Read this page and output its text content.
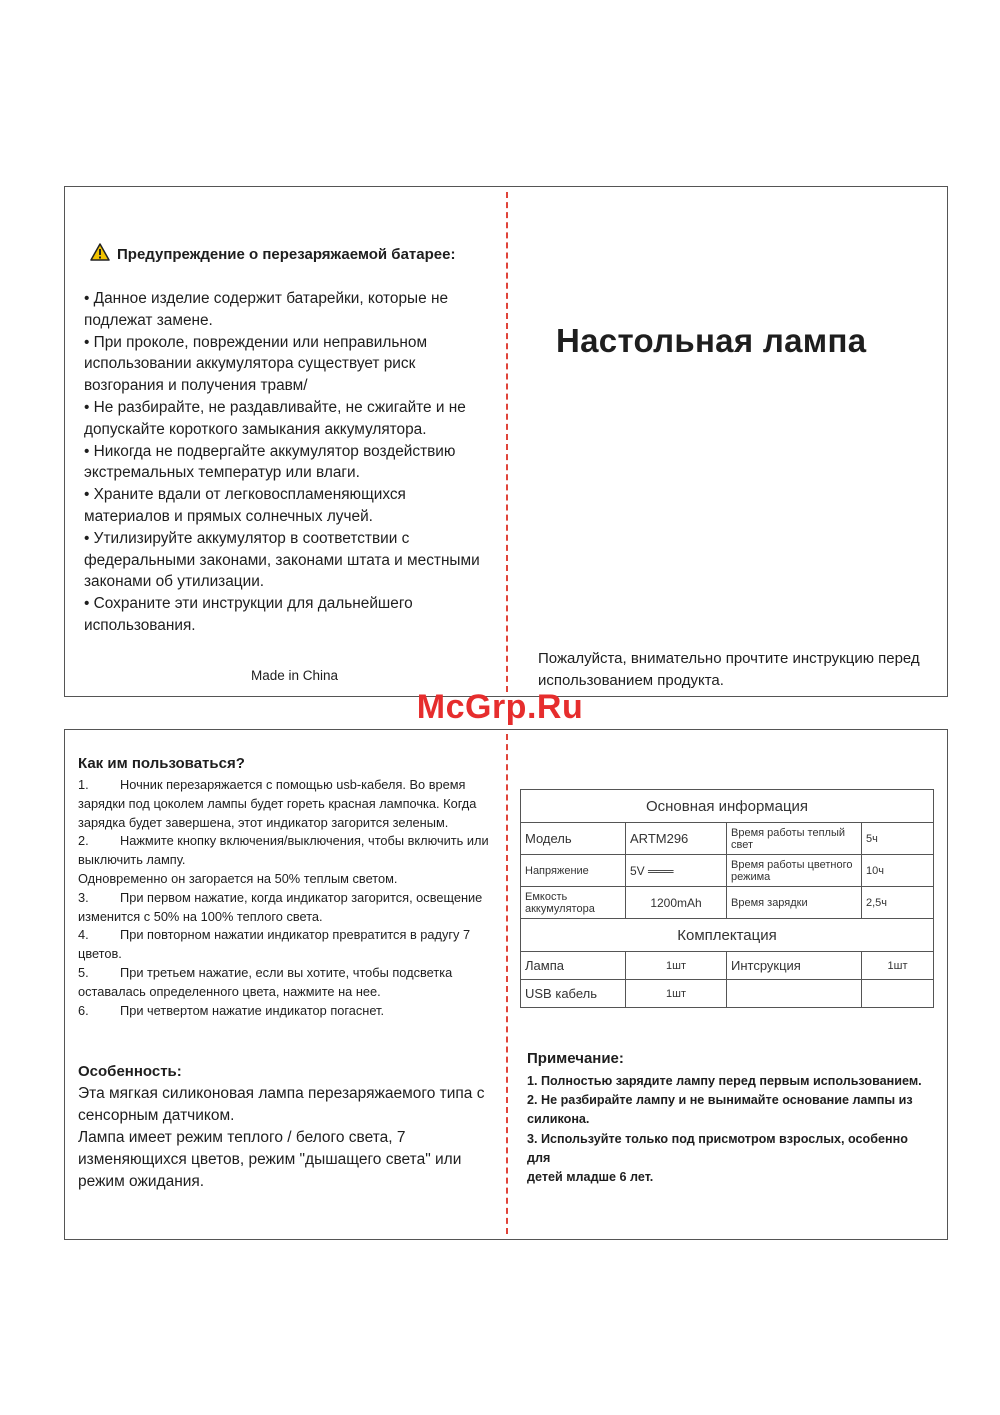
Предупреждение о перезаряжаемой батарее:

• Данное изделие содержит батарейки, которые не подлежат замене.

• При проколе, повреждении или неправильном использовании аккумулятора существует риск возгорания и получения травм/

• Не разбирайте, не раздавливайте, не сжигайте и не допускайте короткого замыкания аккумулятора.

• Никогда не подвергайте аккумулятор воздействию экстремальных температур или влаги.

• Храните вдали от легковоспламеняющихся материалов и прямых солнечных лучей.

• Утилизируйте аккумулятор в соответствии с федеральными законами, законами штата и местными законами об утилизации.

• Сохраните эти инструкции для дальнейшего использования.

Made in China
Настольная лампа
Пожалуйста, внимательно прочтите инструкцию перед использованием продукта.
McGrp.Ru
Как им пользоваться?

1. Ночник перезаряжается с помощью usb-кабеля. Во время зарядки под цоколем лампы будет гореть красная лампочка. Когда

зарядка будет завершена, этот индикатор загорится зеленым.

2. Нажмите кнопку включения/выключения, чтобы включить или выключить лампу.

Одновременно он загорается на 50% теплым светом.

3. При первом нажатие, когда индикатор загорится, освещение изменится с 50% на 100% теплого света.

4. При повторном нажатии индикатор превратится в радугу 7 цветов.

5. При третьем нажатие, если вы хотите, чтобы подсветка оставалась определенного цвета, нажмите на нее.

6. При четвертом нажатие индикатор погаснет.

Особенность:

Эта мягкая силиконовая лампа перезаряжаемого типа с сенсорным датчиком.

Лампа имеет режим теплого / белого света, 7 изменяющихся цветов, режим "дышащего света" или режим ожидания.

Основная информация			
Модель	ARTM296	Время работы теплый свет	5ч
Напряжение	5V ═══	Время работы цветного режима	10ч
Емкость аккумулятора	1200mAh	Время зарядки	2,5ч
Комплектация			
Лампа	1шт	Интсрукция	1шт
USB кабель	1шт		
Примечание:

1. Полностью зарядите лампу перед первым использованием.

2. Не разбирайте лампу и не вынимайте основание лампы из силикона.

3. Используйте только под присмотром взрослых, особенно для

детей младше 6 лет.
